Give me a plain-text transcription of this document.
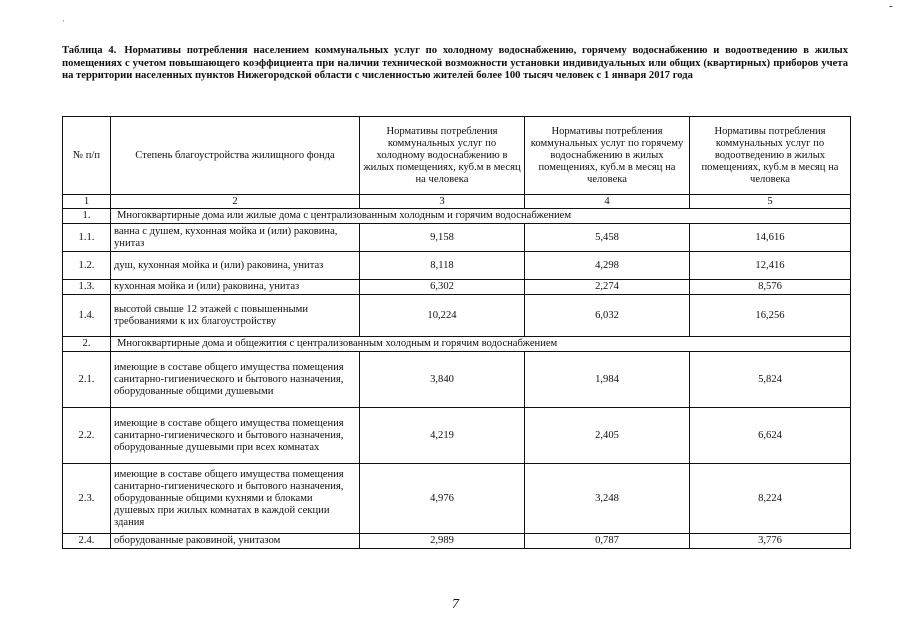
-
'
Таблица 4. Нормативы потребления населением коммунальных услуг по холодному водоснабжению, горячему водоснабжению и водоотведению в жилых помещениях с учетом повышающего коэффициента при наличии технической возможности установки индивидуальных или общих (квартирных) приборов учета на территории населенных пунктов Нижегородской области с численностью жителей более 100 тысяч человек с 1 января 2017 года
№ п/п	Степень благоустройства жилищного фонда	Нормативы потребления коммунальных услуг по холодному водоснабжению в жилых помещениях, куб.м в месяц на человека	Нормативы потребления коммунальных услуг по горячему водоснабжению в жилых помещениях, куб.м в месяц на человека	Нормативы потребления коммунальных услуг по водоотведению в жилых помещениях, куб.м в месяц на человека
1	2	3	4	5
1.	Многоквартирные дома или жилые дома с централизованным холодным и горячим водоснабжением			
1.1.	ванна с душем, кухонная мойка и (или) раковина, унитаз	9,158	5,458	14,616
1.2.	душ, кухонная мойка и (или) раковина, унитаз	8,118	4,298	12,416
1.3.	кухонная мойка и (или) раковина, унитаз	6,302	2,274	8,576
1.4.	высотой свыше 12 этажей с повышенными требованиями к их благоустройству	10,224	6,032	16,256
2.	Многоквартирные дома и общежития с централизованным холодным и горячим водоснабжением			
2.1.	имеющие в составе общего имущества помещения санитарно-гигиенического и бытового назначения, оборудованные общими душевыми	3,840	1,984	5,824
2.2.	имеющие в составе общего имущества помещения санитарно-гигиенического и бытового назначения, оборудованные душевыми при всех комнатах	4,219	2,405	6,624
2.3.	имеющие в составе общего имущества помещения санитарно-гигиенического и бытового назначения, оборудованные общими кухнями и блоками душевых при жилых комнатах в каждой секции здания	4,976	3,248	8,224
2.4.	оборудованные раковиной, унитазом	2,989	0,787	3,776
7
